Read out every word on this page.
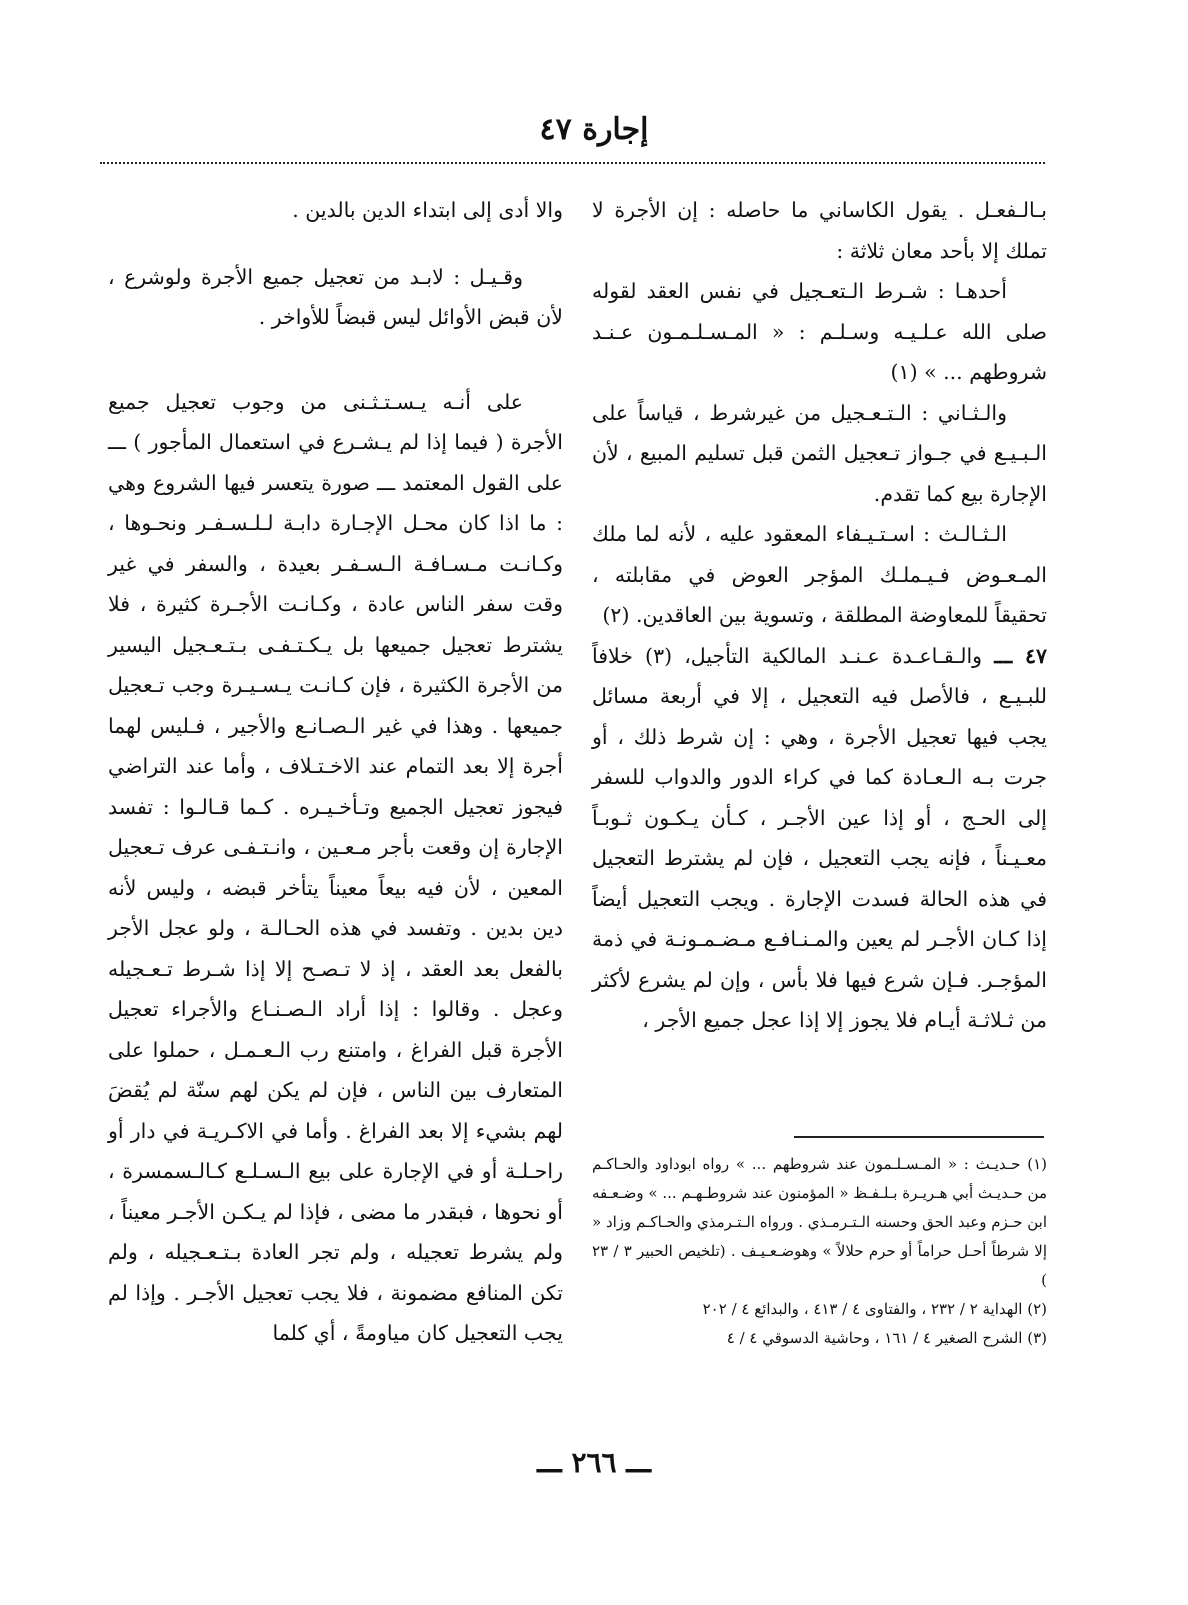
إجارة ٤٧

بـالـفعـل . يقول الكاساني ما حاصله : إن الأجرة لا تملك إلا بأحد معان ثلاثة :

أحدهـا : شـرط الـتعـجيل في نفس العقد لقوله صلى الله عـلـيـه وسـلـم : « المـسـلـمـون عـنـد شروطهم ... » (١)

والـثـاني : الـتـعـجيل من غيرشرط ، قياساً على الـبـيـع في جـواز تـعجيل الثمن قبل تسليم المبيع ، لأن الإجارة بيع كما تقدم.

الـثـالـث : اسـتـيـفاء المعقود عليه ، لأنه لما ملك المـعـوض فـيـملـك المؤجر العوض في مقابلته ، تحقيقاً للمعاوضة المطلقة ، وتسوية بين العاقدين. (٢)

٤٧ ـــ والـقـاعـدة عـنـد المالكية التأجيل، (٣) خلافاً للبـيـع ، فالأصل فيه التعجيل ، إلا في أربعة مسائل يجب فيها تعجيل الأجرة ، وهي : إن شرط ذلك ، أو جرت بـه الـعـادة كما في كراء الدور والدواب للسفر إلى الحـج ، أو إذا عين الأجـر ، كـأن يـكـون ثـوبـاً معـيـناً ، فإنه يجب التعجيل ، فإن لم يشترط التعجيل في هذه الحالة فسدت الإجارة . ويجب التعجيل أيضاً إذا كـان الأجـر لم يعين والمـنـافـع مـضـمـونـة في ذمة المؤجـر. فـإن شرع فيها فلا بأس ، وإن لم يشرع لأكثر من ثـلاثـة أيـام فلا يجوز إلا إذا عجل جميع الأجر ،

والا أدى إلى ابتداء الدين بالدين .

وقـيـل : لابـد من تعجيل جميع الأجرة ولوشرع ، لأن قبض الأوائل ليس قبضاً للأواخر .

على أنـه يـسـتـثـنى من وجوب تعجيل جميع الأجرة ( فيما إذا لم يـشـرع في استعمال المأجور ) ـــ على القول المعتمد ـــ صورة يتعسر فيها الشروع وهي : ما اذا كان محـل الإجـارة دابـة لـلـسـفـر ونحـوها ، وكـانـت مـسـافـة الـسـفـر بعيدة ، والسفر في غير وقت سفر الناس عادة ، وكـانـت الأجـرة كثيرة ، فلا يشترط تعجيل جميعها بل يـكـتـفـى بـتـعـجيل اليسير من الأجرة الكثيرة ، فإن كـانـت يـسـيـرة وجب تـعجيل جميعها . وهذا في غير الـصـانـع والأجير ، فـليس لهما أجرة إلا بعد التمام عند الاخـتـلاف ، وأما عند التراضي فيجوز تعجيل الجميع وتـأخـيـره . كـما قـالـوا : تفسد الإجارة إن وقعت بأجر مـعـين ، وانـتـفـى عرف تـعجيل المعين ، لأن فيه بيعاً معيناً يتأخر قبضه ، وليس لأنه دين بدين . وتفسد في هذه الحـالـة ، ولو عجل الأجر بالفعل بعد العقد ، إذ لا تـصـح إلا إذا شـرط تـعـجيله وعجل . وقالوا : إذا أراد الـصـنـاع والأجراء تعجيل الأجرة قبل الفراغ ، وامتنع رب الـعـمـل ، حملوا على المتعارف بين الناس ، فإن لم يكن لهم سنّة لم يُقضَ لهم بشيء إلا بعد الفراغ . وأما في الاكـريـة في دار أو راحـلـة أو في الإجارة على بيع الـسـلـع كـالـسمسرة ، أو نحوها ، فبقدر ما مضى ، فإذا لم يـكـن الأجـر معيناً ، ولم يشرط تعجيله ، ولم تجر العادة بـتـعـجيله ، ولم تكن المنافع مضمونة ، فلا يجب تعجيل الأجـر . وإذا لم يجب التعجيل كان مياومةً ، أي كلما

(١) حـديـث : « المـسـلـمون عند شروطهم ... » رواه ابوداود والحـاكـم من حـديـث أبي هـريـرة بـلـفـظ « المؤمنون عند شروطـهـم ... » وضـعـفه ابن حـزم وعبد الحق وحسنه الـتـرمـذي . ورواه الـتـرمذي والحـاكـم وزاد « إلا شرطاً أحـل حراماً أو حرم حلالاً » وهوضـعـيـف . (تلخيص الحبير ٣ / ٢٣ )

(٢) الهداية ٢ / ٢٣٢ ، والفتاوى ٤ / ٤١٣ ، والبدائع ٤ / ٢٠٢

(٣) الشرح الصغير ٤ / ١٦١ ، وحاشية الدسوقي ٤ / ٤

ـــ ٢٦٦ ـــ
